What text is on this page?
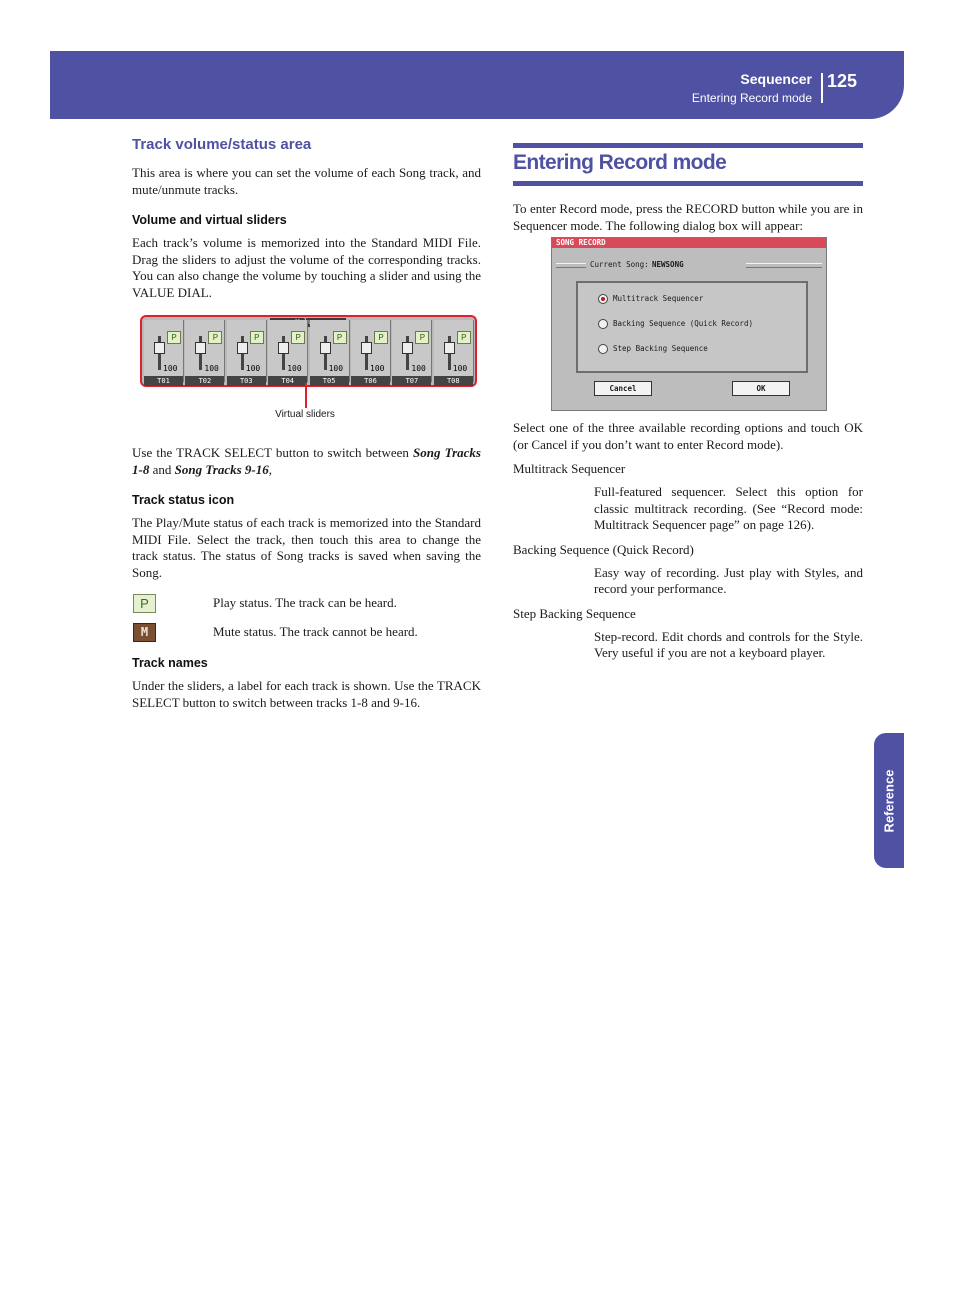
Sequencer
Entering Record mode
125
Track volume/status area

This area is where you can set the volume of each Song track, and mute/unmute tracks.

Volume and virtual sliders

Each track’s volume is memorized into the Standard MIDI File. Drag the sliders to adjust the volume of the corresponding tracks. You can also change the volume by touching a slider and using the VALUE DIAL.

P
100
T01
P
100
T02
P
100
T03
P
100
T04
P
100
T05
P
100
T06
P
100
T07
P
100
T08
Virtual sliders

Use the TRACK SELECT button to switch between Song Tracks 1-8 and Song Tracks 9-16,

Track status icon

The Play/Mute status of each track is memorized into the Standard MIDI File. Select the track, then touch this area to change the track status. The status of Song tracks is saved when saving the Song.

P	Play status. The track can be heard.
M	Mute status. The track cannot be heard.
Track names

Under the sliders, a label for each track is shown. Use the TRACK SELECT button to switch between tracks 1-8 and 9-16.

Entering Record mode

To enter Record mode, press the RECORD button while you are in Sequencer mode. The following dialog box will appear:

SONG RECORD
Current Song: NEWSONG
Multitrack Sequencer
Backing Sequence (Quick Record)
Step Backing Sequence
Cancel	OK

Select one of the three available recording options and touch OK (or Cancel if you don’t want to enter Record mode).

Multitrack Sequencer

Full-featured sequencer. Select this option for classic multitrack recording. (See “Record mode: Multitrack Sequencer page” on page 126).

Backing Sequence (Quick Record)

Easy way of recording. Just play with Styles, and record your performance.

Step Backing Sequence

Step-record. Edit chords and controls for the Style. Very useful if you are not a keyboard player.

Reference
